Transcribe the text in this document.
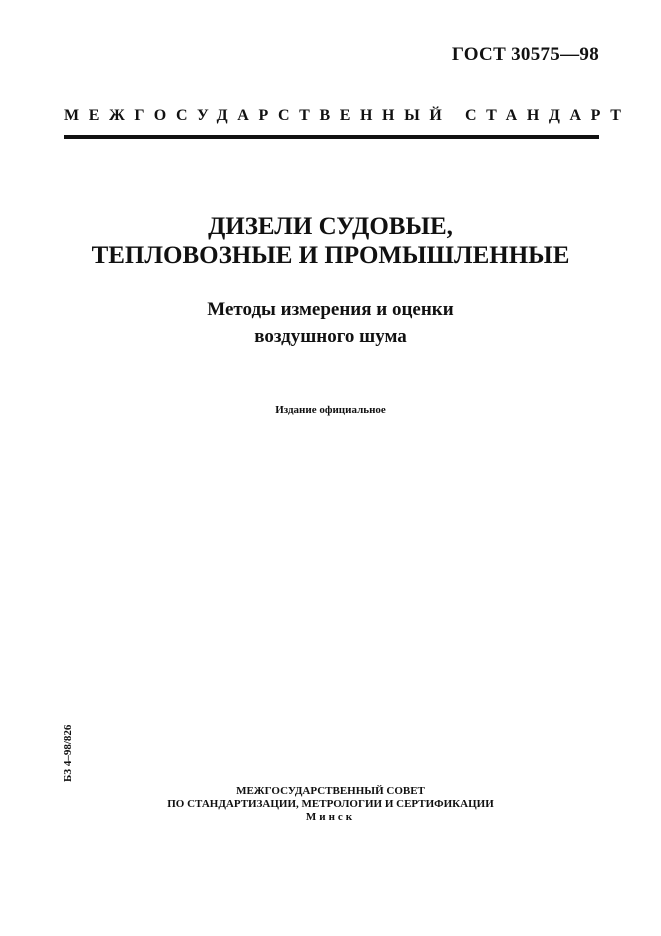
ГОСТ 30575—98
МЕЖГОСУДАРСТВЕННЫЙ СТАНДАРТ
ДИЗЕЛИ СУДОВЫЕ,
ТЕПЛОВОЗНЫЕ И ПРОМЫШЛЕННЫЕ
Методы измерения и оценки
воздушного шума
Издание официальное
БЗ 4–98/826
МЕЖГОСУДАРСТВЕННЫЙ СОВЕТ
ПО СТАНДАРТИЗАЦИИ, МЕТРОЛОГИИ И СЕРТИФИКАЦИИ
Минск
